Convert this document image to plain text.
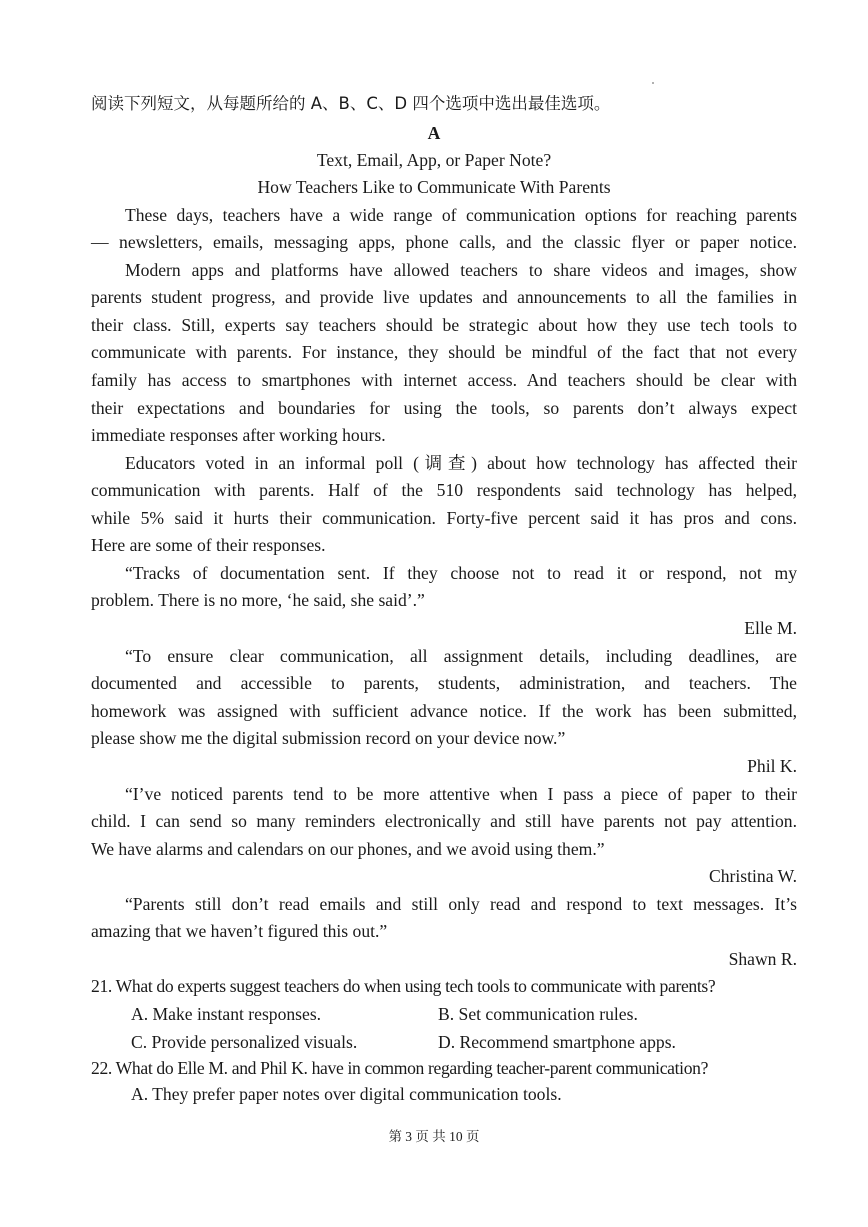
阅读下列短文，从每题所给的 A、B、C、D 四个选项中选出最佳选项。
A
Text, Email, App, or Paper Note?
How Teachers Like to Communicate With Parents
These days, teachers have a wide range of communication options for reaching parents
— newsletters, emails, messaging apps, phone calls, and the classic flyer or paper notice.
Modern apps and platforms have allowed teachers to share videos and images, show
parents student progress, and provide live updates and announcements to all the families in
their class. Still, experts say teachers should be strategic about how they use tech tools to
communicate with parents. For instance, they should be mindful of the fact that not every
family has access to smartphones with internet access. And teachers should be clear with
their expectations and boundaries for using the tools, so parents don’t always expect
immediate responses after working hours.
Educators voted in an informal poll (调查) about how technology has affected their
communication with parents. Half of the 510 respondents said technology has helped,
while 5% said it hurts their communication. Forty-five percent said it has pros and cons.
Here are some of their responses.
“Tracks of documentation sent. If they choose not to read it or respond, not my
problem. There is no more, ‘he said, she said’.”
Elle M.
“To ensure clear communication, all assignment details, including deadlines, are
documented and accessible to parents, students, administration, and teachers. The
homework was assigned with sufficient advance notice. If the work has been submitted,
please show me the digital submission record on your device now.”
Phil K.
“I’ve noticed parents tend to be more attentive when I pass a piece of paper to their
child. I can send so many reminders electronically and still have parents not pay attention.
We have alarms and calendars on our phones, and we avoid using them.”
Christina W.
“Parents still don’t read emails and still only read and respond to text messages. It’s
amazing that we haven’t figured this out.”
Shawn R.
21. What do experts suggest teachers do when using tech tools to communicate with parents?
A. Make instant responses.	B. Set communication rules.
C. Provide personalized visuals.	D. Recommend smartphone apps.
22. What do Elle M. and Phil K. have in common regarding teacher-parent communication?
A. They prefer paper notes over digital communication tools.
第 3 页 共 10 页
